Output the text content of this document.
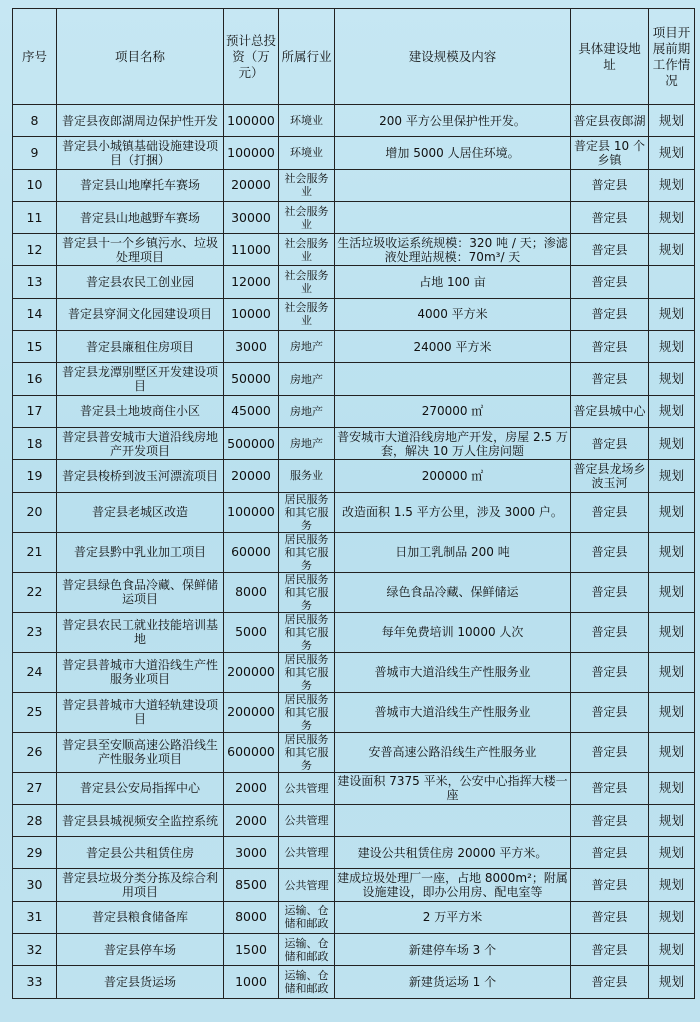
序号	项目名称	预计总投资（万元）	所属行业	建设规模及内容	具体建设地址	项目开展前期工作情况
8	普定县夜郎湖周边保护性开发	100000	环境业	200 平方公里保护性开发。	普定县夜郎湖	规划
9	普定县小城镇基础设施建设项目（打捆）	100000	环境业	增加 5000 人居住环境。	普定县 10 个乡镇	规划
10	普定县山地摩托车赛场	20000	社会服务业		普定县	规划
11	普定县山地越野车赛场	30000	社会服务业		普定县	规划
12	普定县十一个乡镇污水、垃圾处理项目	11000	社会服务业	生活垃圾收运系统规模：320 吨 / 天；渗滤液处理站规模：70m³/ 天	普定县	规划
13	普定县农民工创业园	12000	社会服务业	占地 100 亩	普定县	
14	普定县穿洞文化园建设项目	10000	社会服务业	4000 平方米	普定县	规划
15	普定县廉租住房项目	3000	房地产	24000 平方米	普定县	规划
16	普定县龙潭别墅区开发建设项目	50000	房地产		普定县	规划
17	普定县土地坡商住小区	45000	房地产	270000 ㎡	普定县城中心	规划
18	普定县普安城市大道沿线房地产开发项目	500000	房地产	普安城市大道沿线房地产开发，房屋 2.5 万套，解决 10 万人住房问题	普定县	规划
19	普定县梭桥到波玉河漂流项目	20000	服务业	200000 ㎡	普定县龙场乡波玉河	规划
20	普定县老城区改造	100000	居民服务和其它服务	改造面积 1.5 平方公里，涉及 3000 户。	普定县	规划
21	普定县黔中乳业加工项目	60000	居民服务和其它服务	日加工乳制品 200 吨	普定县	规划
22	普定县绿色食品冷藏、保鲜储运项目	8000	居民服务和其它服务	绿色食品冷藏、保鲜储运	普定县	规划
23	普定县农民工就业技能培训基地	5000	居民服务和其它服务	每年免费培训 10000 人次	普定县	规划
24	普定县普城市大道沿线生产性服务业项目	200000	居民服务和其它服务	普城市大道沿线生产性服务业	普定县	规划
25	普定县普城市大道轻轨建设项目	200000	居民服务和其它服务	普城市大道沿线生产性服务业	普定县	规划
26	普定县至安顺高速公路沿线生产性服务业项目	600000	居民服务和其它服务	安普高速公路沿线生产性服务业	普定县	规划
27	普定县公安局指挥中心	2000	公共管理	建设面积 7375 平米，公安中心指挥大楼一座	普定县	规划
28	普定县县城视频安全监控系统	2000	公共管理		普定县	规划
29	普定县公共租赁住房	3000	公共管理	建设公共租赁住房 20000 平方米。	普定县	规划
30	普定县垃圾分类分拣及综合利用项目	8500	公共管理	建成垃圾处理厂一座，占地 8000m²；附属设施建设，即办公用房、配电室等	普定县	规划
31	普定县粮食储备库	8000	运输、仓储和邮政	2 万平方米	普定县	规划
32	普定县停车场	1500	运输、仓储和邮政	新建停车场 3 个	普定县	规划
33	普定县货运场	1000	运输、仓储和邮政	新建货运场 1 个	普定县	规划
